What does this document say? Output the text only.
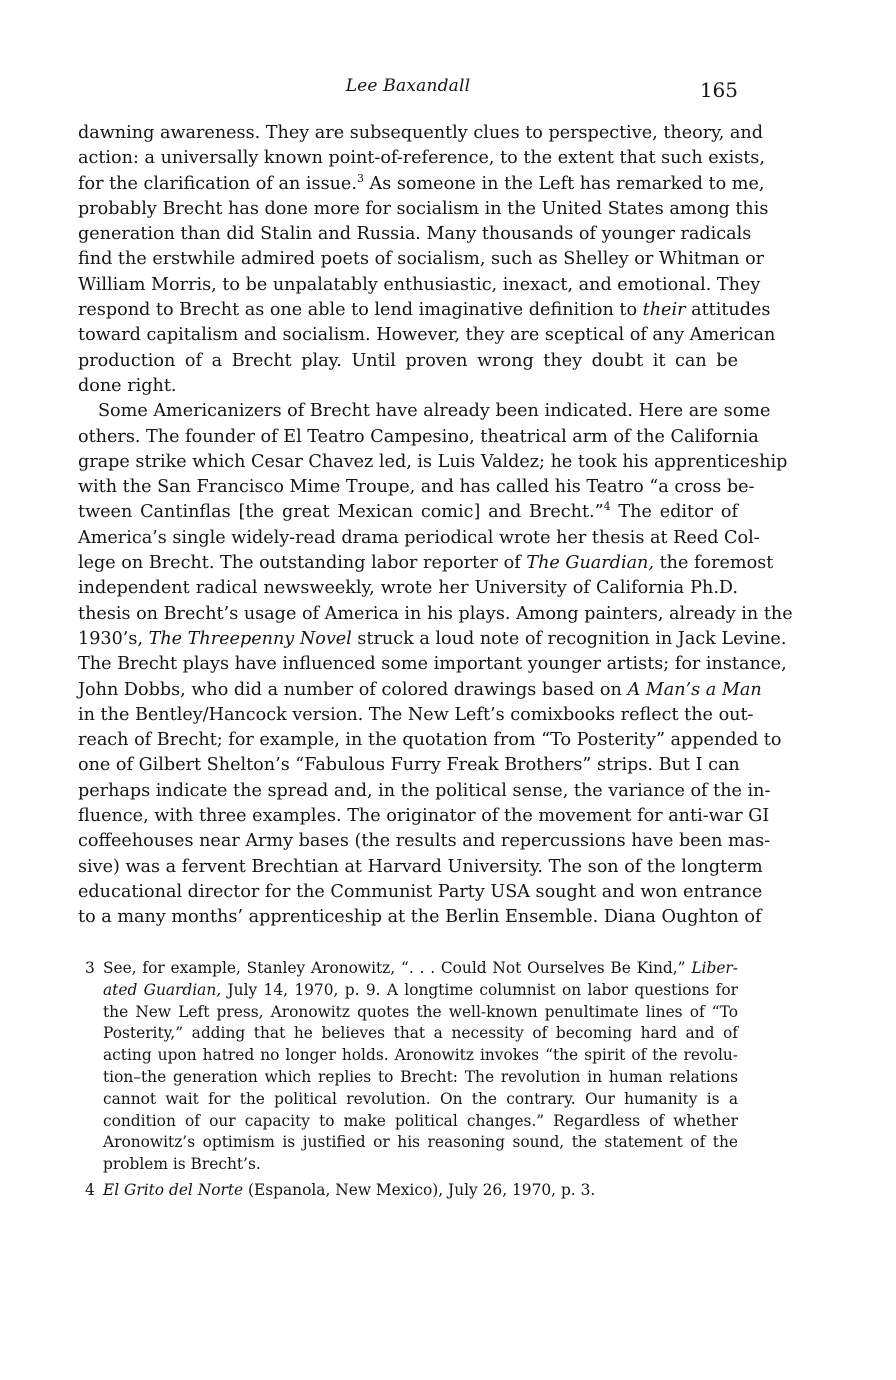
Lee Baxandall	165

dawning awareness. They are subsequently clues to perspective, theory, and
action: a universally known point-of-reference, to the extent that such exists,
for the clarification of an issue.$^3$ As someone in the Left has remarked to me,
probably Brecht has done more for socialism in the United States among this
generation than did Stalin and Russia. Many thousands of younger radicals
find the erstwhile admired poets of socialism, such as Shelley or Whitman or
William Morris, to be unpalatably enthusiastic, inexact, and emotional. They
respond to Brecht as one able to lend imaginative definition to their attitudes
toward capitalism and socialism. However, they are sceptical of any American
production of a Brecht play. Until proven wrong they doubt it can be
done right.

Some Americanizers of Brecht have already been indicated. Here are some
others. The founder of El Teatro Campesino, theatrical arm of the California
grape strike which Cesar Chavez led, is Luis Valdez; he took his apprenticeship
with the San Francisco Mime Troupe, and has called his Teatro “a cross be-
tween Cantinflas [the great Mexican comic] and Brecht.”$^4$ The editor of
America’s single widely-read drama periodical wrote her thesis at Reed Col-
lege on Brecht. The outstanding labor reporter of The Guardian, the foremost
independent radical newsweekly, wrote her University of California Ph.D.
thesis on Brecht’s usage of America in his plays. Among painters, already in the
1930’s, The Threepenny Novel struck a loud note of recognition in Jack Levine.
The Brecht plays have influenced some important younger artists; for instance,
John Dobbs, who did a number of colored drawings based on A Man’s a Man
in the Bentley/Hancock version. The New Left’s comixbooks reflect the out-
reach of Brecht; for example, in the quotation from “To Posterity” appended to
one of Gilbert Shelton’s “Fabulous Furry Freak Brothers” strips. But I can
perhaps indicate the spread and, in the political sense, the variance of the in-
fluence, with three examples. The originator of the movement for anti-war GI
coffeehouses near Army bases (the results and repercussions have been mas-
sive) was a fervent Brechtian at Harvard University. The son of the longterm
educational director for the Communist Party USA sought and won entrance
to a many months’ apprenticeship at the Berlin Ensemble. Diana Oughton of

3 See, for example, Stanley Aronowitz, “. . . Could Not Ourselves Be Kind,” Liber-
ated Guardian, July 14, 1970, p. 9. A longtime columnist on labor questions for
the New Left press, Aronowitz quotes the well-known penultimate lines of “To
Posterity,” adding that he believes that a necessity of becoming hard and of
acting upon hatred no longer holds. Aronowitz invokes “the spirit of the revolu-
tion–the generation which replies to Brecht: The revolution in human relations
cannot wait for the political revolution. On the contrary. Our humanity is a
condition of our capacity to make political changes.” Regardless of whether
Aronowitz’s optimism is justified or his reasoning sound, the statement of the
problem is Brecht’s.
4 El Grito del Norte (Espanola, New Mexico), July 26, 1970, p. 3.
